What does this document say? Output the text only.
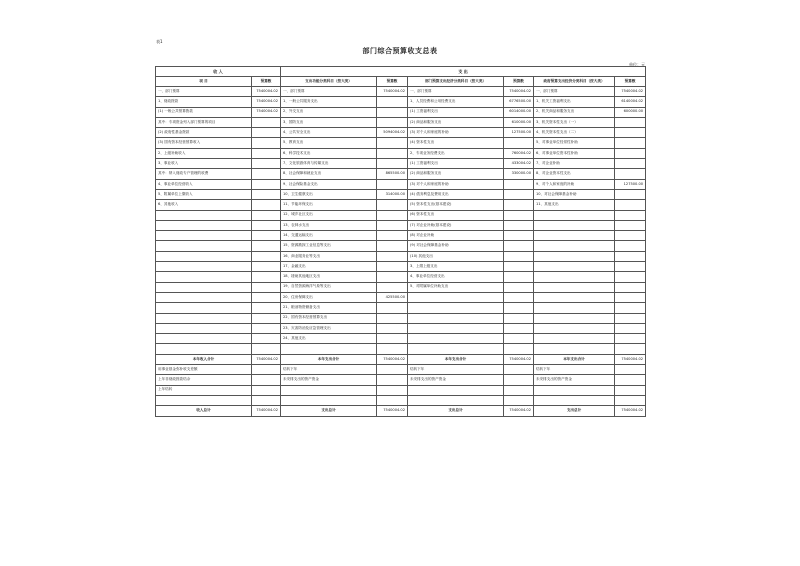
表1
部门综合预算收支总表
单位：元
收 入		支 出					
项 目	预算数	支出功能分类科目（按大类）	预算数	部门预算支出经济分类科目（按大类）	预算数	政府预算支出经济分类科目（按大类）	预算数
一、部门预算	7540004.02	一、部门预算	7540004.02	一、部门预算	7540004.02	一、部门预算	7540004.02
1、财政拨款	7540004.02	1、一般公共服务支出		1、人员经费和公用经费支出	6776500.00	1、机关工资福利支出	6140004.02
(1) 一般公共预算拨款	7540004.02	2、外交支出		(1) 工资福利支出	6014000.00	2、机关商品和服务支出	600000.00
其中：专项资金列入部门预算的项目		3、国防支出		(2) 商品和服务支出	610000.00	3、机关资本性支出（一）	
(2) 政府性基金拨款		4、公共安全支出	5094004.02	(3) 对个人和家庭的补助	127500.00	4、机关资本性支出（二）	
(3) 国有资本经营预算收入		5、教育支出		(4) 资本性支出		5、对事业单位经常性补助	
2、上级补助收入		6、科学技术支出		2、专项业务经费支出	760004.02	6、对事业单位资本性补助	
3、事业收入		7、文化旅游体育与传媒支出		(1) 工资福利支出	433004.02	7、对企业补助	
其中：纳入财政专户管理的收费		8、社会保障和就业支出	865500.00	(2) 商品和服务支出	330000.00	8、对企业资本性支出	
4、事业单位经营收入		9、社会保险基金支出		(3) 对个人和家庭的补助		9、对个人和家庭的补助	127500.00
5、附属单位上缴收入		10、卫生健康支出	314000.00	(4) 债务利息及费用支出		10、对社会保障基金补助	
6、其他收入		11、节能环保支出		(5) 资本性支出(基本建设)		11、其他支出	
		12、城乡社区支出		(6) 资本性支出			
		13、农林水支出		(7) 对企业补助(基本建设)			
		14、交通运输支出		(8) 对企业补助			
		15、资源勘探工业信息等支出		(9) 对社会保障基金补助			
		16、商业服务业等支出		(10) 其他支出			
		17、金融支出		3、上缴上级支出			
		18、援助其他地区支出		4、事业单位经营支出			
		19、自然资源海洋气象等支出		5、对附属单位补助支出			
		20、住房保障支出	425500.00				
		21、粮油物资储备支出					
		22、国有资本经营预算支出					
		23、灾害防治及应急管理支出					
		24、其他支出					

本年收入合计	7540004.02	本年支出合计	7540004.02	本年支出合计	7540004.02	本年支出合计	7540004.02
用事业基金弥补收支差额		结转下年		结转下年		结转下年	
上年非财政拨款结余		未安排支出的资产资金		未安排支出的资产资金		未安排支出的资产资金	
上年结转							

收入总计	7540004.02	支出总计	7540004.02	支出总计	7540004.02	支出总计	7540004.02
